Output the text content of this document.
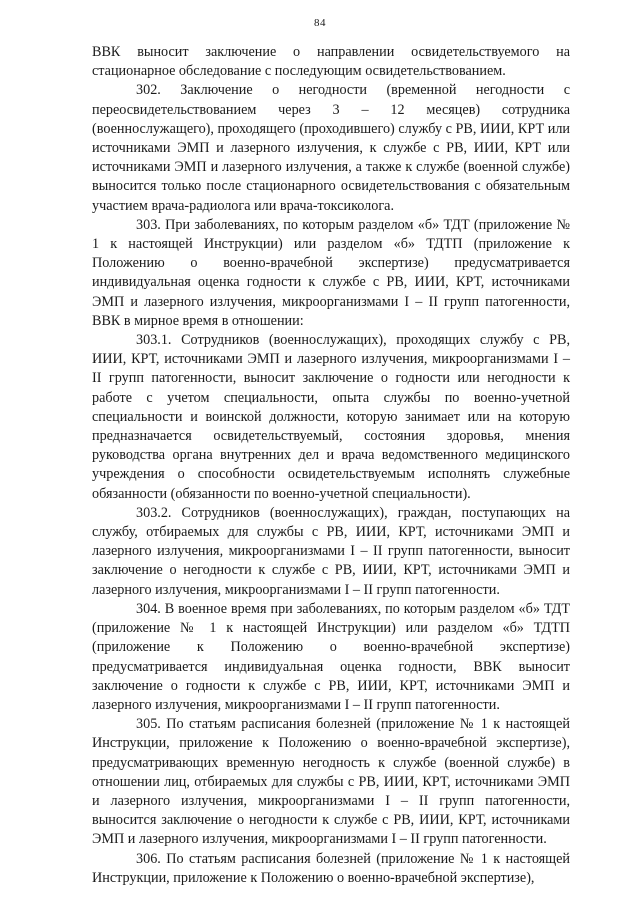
84

ВВК выносит заключение о направлении освидетельствуемого на стационарное обследование с последующим освидетельствованием.

302. Заключение о негодности (временной негодности с переосвидетельствованием через 3 – 12 месяцев) сотрудника (военнослужащего), проходящего (проходившего) службу с РВ, ИИИ, КРТ или источниками ЭМП и лазерного излучения, к службе с РВ, ИИИ, КРТ или источниками ЭМП и лазерного излучения, а также к службе (военной службе) выносится только после стационарного освидетельствования с обязательным участием врача-радиолога или врача-токсиколога.

303. При заболеваниях, по которым разделом «б» ТДТ (приложение № 1 к настоящей Инструкции) или разделом «б» ТДТП (приложение к Положению о военно-врачебной экспертизе) предусматривается индивидуальная оценка годности к службе с РВ, ИИИ, КРТ, источниками ЭМП и лазерного излучения, микроорганизмами I – II групп патогенности, ВВК в мирное время в отношении:

303.1. Сотрудников (военнослужащих), проходящих службу с РВ, ИИИ, КРТ, источниками ЭМП и лазерного излучения, микроорганизмами I – II групп патогенности, выносит заключение о годности или негодности к работе с учетом специальности, опыта службы по военно-учетной специальности и воинской должности, которую занимает или на которую предназначается освидетельствуемый, состояния здоровья, мнения руководства органа внутренних дел и врача ведомственного медицинского учреждения о способности освидетельствуемым исполнять служебные обязанности (обязанности по военно-учетной специальности).

303.2. Сотрудников (военнослужащих), граждан, поступающих на службу, отбираемых для службы с РВ, ИИИ, КРТ, источниками ЭМП и лазерного излучения, микроорганизмами I – II групп патогенности, выносит заключение о негодности к службе с РВ, ИИИ, КРТ, источниками ЭМП и лазерного излучения, микроорганизмами I – II групп патогенности.

304. В военное время при заболеваниях, по которым разделом «б» ТДТ (приложение № 1 к настоящей Инструкции) или разделом «б» ТДТП (приложение к Положению о военно-врачебной экспертизе) предусматривается индивидуальная оценка годности, ВВК выносит заключение о годности к службе с РВ, ИИИ, КРТ, источниками ЭМП и лазерного излучения, микроорганизмами I – II групп патогенности.

305. По статьям расписания болезней (приложение № 1 к настоящей Инструкции, приложение к Положению о военно-врачебной экспертизе), предусматривающих временную негодность к службе (военной службе) в отношении лиц, отбираемых для службы с РВ, ИИИ, КРТ, источниками ЭМП и лазерного излучения, микроорганизмами I – II групп патогенности, выносится заключение о негодности к службе с РВ, ИИИ, КРТ, источниками ЭМП и лазерного излучения, микроорганизмами I – II групп патогенности.

306. По статьям расписания болезней (приложение № 1 к настоящей Инструкции, приложение к Положению о военно-врачебной экспертизе),
